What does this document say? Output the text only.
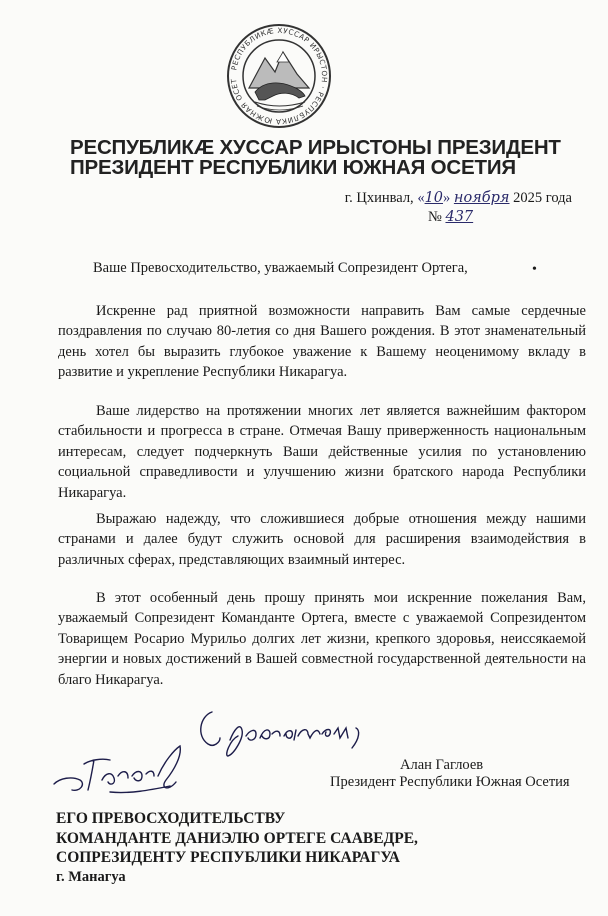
РЕСПУБЛИКӔ ХУССАР ИРЫСТОН · РЕСПУБЛИКА ЮЖНАЯ ОСЕТ
РЕСПУБЛИКӔ ХУССАР ИРЫСТОНЫ ПРЕЗИДЕНТ
ПРЕЗИДЕНТ РЕСПУБЛИКИ ЮЖНАЯ ОСЕТИЯ
г. Цхинвал, «10» ноября 2025 года
№ 437
Ваше Превосходительство, уважаемый Сопрезидент Ортега,	•

Искренне рад приятной возможности направить Вам самые сердечные поздравления по случаю 80-летия со дня Вашего рождения. В этот знаменательный день хотел бы выразить глубокое уважение к Вашему неоценимому вкладу в развитие и укрепление Республики Никарагуа.

Ваше лидерство на протяжении многих лет является важнейшим фактором стабильности и прогресса в стране. Отмечая Вашу приверженность национальным интересам, следует подчеркнуть Ваши действенные усилия по установлению социальной справедливости и улучшению жизни братского народа Республики Никарагуа.

Выражаю надежду, что сложившиеся добрые отношения между нашими странами и далее будут служить основой для расширения взаимодействия в различных сферах, представляющих взаимный интерес.

В этот особенный день прошу принять мои искренние пожелания Вам, уважаемый Сопрезидент Команданте Ортега, вместе с уважаемой Сопрезидентом Товарищем Росарио Мурильо долгих лет жизни, крепкого здоровья, неиссякаемой энергии и новых достижений в Вашей совместной государственной деятельности на благо Никарагуа.

Алан Гаглоев
Президент Республики Южная Осетия
ЕГО ПРЕВОСХОДИТЕЛЬСТВУ
КОМАНДАНТЕ ДАНИЭЛЮ ОРТЕГЕ СААВЕДРЕ,
СОПРЕЗИДЕНТУ РЕСПУБЛИКИ НИКАРАГУА
г. Манагуа
